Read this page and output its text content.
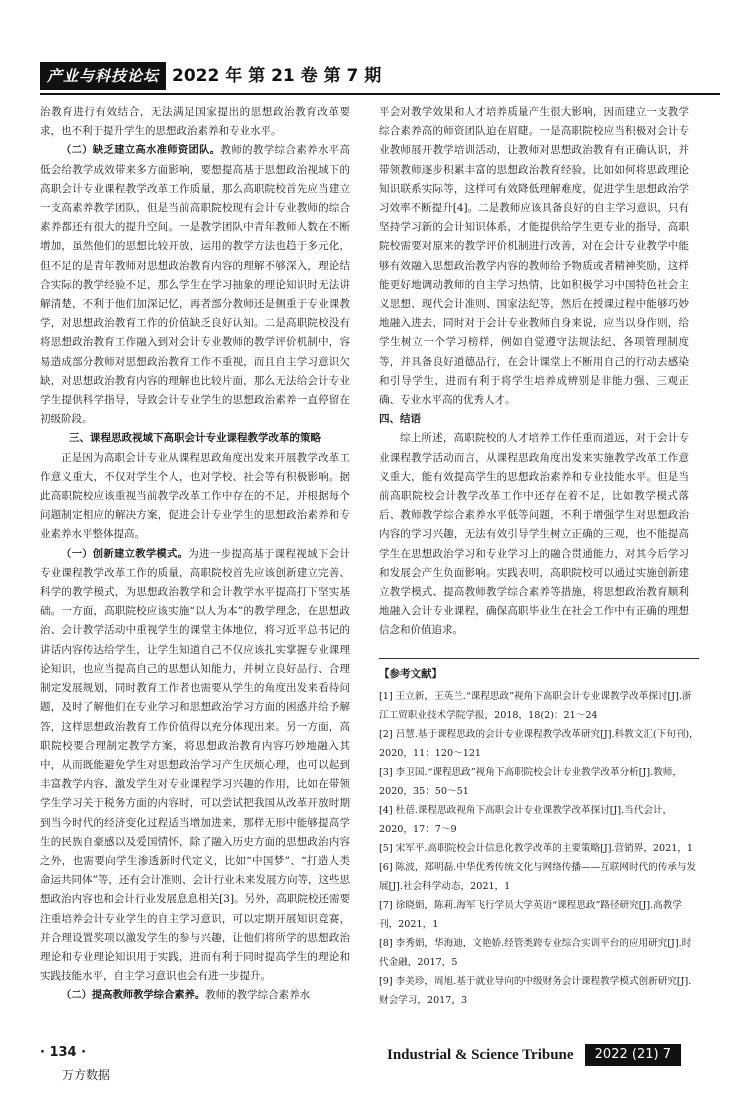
产业与科技论坛 2022 年 第 21 卷 第 7 期

治教育进行有效结合，无法满足国家提出的思想政治教育改革要求，也不利于提升学生的思想政治素养和专业水平。

（二）缺乏建立高水准师资团队。教师的教学综合素养水平高低会给教学成效带来多方面影响，要想提高基于思想政治视域下的高职会计专业课程教学改革工作质量，那么高职院校首先应当建立一支高素养教学团队，但是当前高职院校现有会计专业教师的综合素养都还有很大的提升空间。一是教学团队中青年教师人数在不断增加，虽然他们的思想比较开放，运用的教学方法也趋于多元化，但不足的是青年教师对思想政治教育内容的理解不够深入，理论结合实际的教学经验不足，那么学生在学习抽象的理论知识时无法讲解清楚，不利于他们加深记忆，再者部分教师还是侧重于专业课教学，对思想政治教育工作的价值缺乏良好认知。二是高职院校没有将思想政治教育工作融入到对会计专业教师的教学评价机制中，容易造成部分教师对思想政治教育工作不重视，而且自主学习意识欠缺，对思想政治教育内容的理解也比较片面，那么无法给会计专业学生提供科学指导，导致会计专业学生的思想政治素养一直停留在初级阶段。

三、课程思政视域下高职会计专业课程教学改革的策略

正是因为高职会计专业从课程思政角度出发来开展教学改革工作意义重大，不仅对学生个人，也对学校、社会等有积极影响。据此高职院校应该重视当前教学改革工作中存在的不足，并根据每个问题制定相应的解决方案，促进会计专业学生的思想政治素养和专业素养水平整体提高。

（一）创新建立教学模式。为进一步提高基于课程视域下会计专业课程教学改革工作的质量，高职院校首先应该创新建立完善、科学的教学模式，为思想政治教学和会计教学水平提高打下坚实基础。一方面，高职院校应该实施“以人为本”的教学理念，在思想政治、会计教学活动中重视学生的课堂主体地位，将习近平总书记的讲话内容传达给学生，让学生知道自己不仅应该扎实掌握专业课理论知识，也应当提高自己的思想认知能力，并树立良好品行、合理制定发展规划，同时教育工作者也需要从学生的角度出发来看待问题，及时了解他们在专业学习和思想政治学习方面的困惑并给予解答，这样思想政治教育工作价值得以充分体现出来。另一方面，高职院校要合理制定教学方案，将思想政治教育内容巧妙地融入其中，从而既能避免学生对思想政治学习产生厌烦心理，也可以起到丰富教学内容、激发学生对专业课程学习兴趣的作用，比如在带领学生学习关于税务方面的内容时，可以尝试把我国从改革开放时期到当今时代的经济变化过程适当增加进来，那样无形中能够提高学生的民族自豪感以及爱国情怀，除了融入历史方面的思想政治内容之外，也需要向学生渗透新时代定义，比如“中国梦”、“打造人类命运共同体”等，还有会计准则、会计行业未来发展方向等，这些思想政治内容也和会计行业发展息息相关[3]。另外，高职院校还需要注重培养会计专业学生的自主学习意识，可以定期开展知识竞赛，并合理设置奖项以激发学生的参与兴趣，让他们将所学的思想政治理论和专业理论知识用于实践，进而有利于同时提高学生的理论和实践技能水平，自主学习意识也会有进一步提升。

（二）提高教师教学综合素养。教师的教学综合素养水

平会对教学效果和人才培养质量产生很大影响，因而建立一支教学综合素养高的师资团队迫在眉睫。一是高职院校应当积极对会计专业教师展开教学培训活动，让教师对思想政治教育有正确认识，并带领教师逐步积累丰富的思想政治教育经验，比如如何将思政理论知识联系实际等，这样可有效降低理解难度，促进学生思想政治学习效率不断提升[4]。二是教师应该具备良好的自主学习意识，只有坚持学习新的会计知识体系，才能提供给学生更专业的指导，高职院校需要对原来的教学评价机制进行改善，对在会计专业教学中能够有效融入思想政治教学内容的教师给予物质或者精神奖励，这样能更好地调动教师的自主学习热情，比如积极学习中国特色社会主义思想、现代会计准则、国家法纪等，然后在授课过程中能够巧妙地融入进去，同时对于会计专业教师自身来说，应当以身作则，给学生树立一个学习榜样，例如自觉遵守法规法纪、各项管理制度等，并具备良好道德品行，在会计课堂上不断用自己的行动去感染和引导学生，进而有利于将学生培养成辨别是非能力强、三观正确、专业水平高的优秀人才。

四、结语

综上所述，高职院校的人才培养工作任重而道远，对于会计专业课程教学活动而言，从课程思政角度出发来实施教学改革工作意义重大，能有效提高学生的思想政治素养和专业技能水平。但是当前高职院校会计教学改革工作中还存在着不足，比如教学模式落后、教师教学综合素养水平低等问题，不利于增强学生对思想政治内容的学习兴趣，无法有效引导学生树立正确的三观，也不能提高学生在思想政治学习和专业学习上的融合贯通能力，对其今后学习和发展会产生负面影响。实践表明，高职院校可以通过实施创新建立教学模式、提高教师教学综合素养等措施，将思想政治教育顺利地融入会计专业课程，确保高职毕业生在社会工作中有正确的理想信念和价值追求。

【参考文献】
[1] 王立新，王英兰.“课程思政”视角下高职会计专业课教学改革探讨[J].浙江工贸职业技术学院学报，2018，18(2)：21～24
[2] 吕慧.基于课程思政的会计专业课程教学改革研究[J].科教文汇(下旬刊)，2020，11：120～121
[3] 李卫国.“课程思政”视角下高职院校会计专业教学改革分析[J].教师，2020，35：50～51
[4] 杜蓓.课程思政视角下高职会计专业课教学改革探讨[J].当代会计，2020，17：7～9
[5] 宋军平.高职院校会计信息化教学改革的主要策略[J].营销界，2021，1
[6] 陈波，郑明磊.中华优秀传统文化与网络传播——互联网时代的传承与发展[J].社会科学动态，2021，1
[7] 徐晓娟，陈莉.海军飞行学员大学英语“课程思政”路径研究[J].高教学刊，2021，1
[8] 李秀娟，华海迪，文艳娇.经管类跨专业综合实训平台的应用研究[J].时代金融，2017，5
[9] 李美珍，周旭.基于就业导向的中级财务会计课程教学模式创新研究[J].财会学习，2017，3
· 134 ·
万方数据
Industrial & Science Tribune 2022 (21) 7
